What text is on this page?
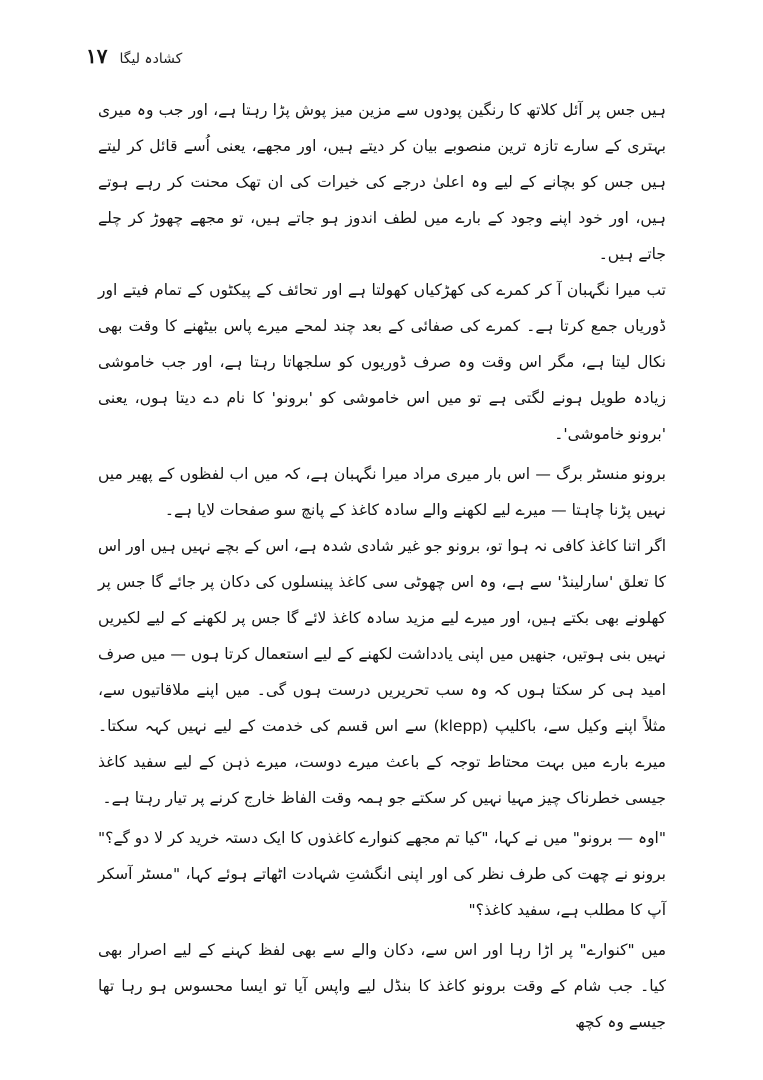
۱۷ کشادہ لیگا

ہیں جس پر آئل کلاتھ کا رنگین پودوں سے مزین میز پوش پڑا رہتا ہے، اور جب وہ میری بہتری کے سارے تازہ ترین منصوبے بیان کر دیتے ہیں، اور مجھے، یعنی اُسے قائل کر لیتے ہیں جس کو بچانے کے لیے وہ اعلیٰ درجے کی خیرات کی ان تھک محنت کر رہے ہوتے ہیں، اور خود اپنے وجود کے بارے میں لطف اندوز ہو جاتے ہیں، تو مجھے چھوڑ کر چلے جاتے ہیں۔

تب میرا نگہبان آ کر کمرے کی کھڑکیاں کھولتا ہے اور تحائف کے پیکٹوں کے تمام فیتے اور ڈوریاں جمع کرتا ہے۔ کمرے کی صفائی کے بعد چند لمحے میرے پاس بیٹھنے کا وقت بھی نکال لیتا ہے، مگر اس وقت وہ صرف ڈوریوں کو سلجھاتا رہتا ہے، اور جب خاموشی زیادہ طویل ہونے لگتی ہے تو میں اس خاموشی کو 'برونو' کا نام دے دیتا ہوں، یعنی 'برونو خاموشی'۔

برونو منسٹر برگ — اس بار میری مراد میرا نگہبان ہے، کہ میں اب لفظوں کے پھیر میں نہیں پڑنا چاہتا — میرے لیے لکھنے والے سادہ کاغذ کے پانچ سو صفحات لایا ہے۔

اگر اتنا کاغذ کافی نہ ہوا تو، برونو جو غیر شادی شدہ ہے، اس کے بچے نہیں ہیں اور اس کا تعلق 'سارلینڈ' سے ہے، وہ اس چھوٹی سی کاغذ پینسلوں کی دکان پر جائے گا جس پر کھلونے بھی بکتے ہیں، اور میرے لیے مزید سادہ کاغذ لائے گا جس پر لکھنے کے لیے لکیریں نہیں بنی ہوتیں، جنھیں میں اپنی یادداشت لکھنے کے لیے استعمال کرتا ہوں — میں صرف امید ہی کر سکتا ہوں کہ وہ سب تحریریں درست ہوں گی۔ میں اپنے ملاقاتیوں سے، مثلاً اپنے وکیل سے، باکلیپ (klepp) سے اس قسم کی خدمت کے لیے نہیں کہہ سکتا۔ میرے بارے میں بہت محتاط توجہ کے باعث میرے دوست، میرے ذہن کے لیے سفید کاغذ جیسی خطرناک چیز مہیا نہیں کر سکتے جو ہمہ وقت الفاظ خارج کرنے پر تیار رہتا ہے۔

"اوہ — برونو" میں نے کہا، "کیا تم مجھے کنوارے کاغذوں کا ایک دستہ خرید کر لا دو گے؟" برونو نے چھت کی طرف نظر کی اور اپنی انگشتِ شہادت اٹھاتے ہوئے کہا، "مسٹر آسکر آپ کا مطلب ہے، سفید کاغذ؟"

میں "کنوارے" پر اڑا رہا اور اس سے، دکان والے سے بھی لفظ کہنے کے لیے اصرار بھی کیا۔ جب شام کے وقت برونو کاغذ کا بنڈل لیے واپس آیا تو ایسا محسوس ہو رہا تھا جیسے وہ کچھ
